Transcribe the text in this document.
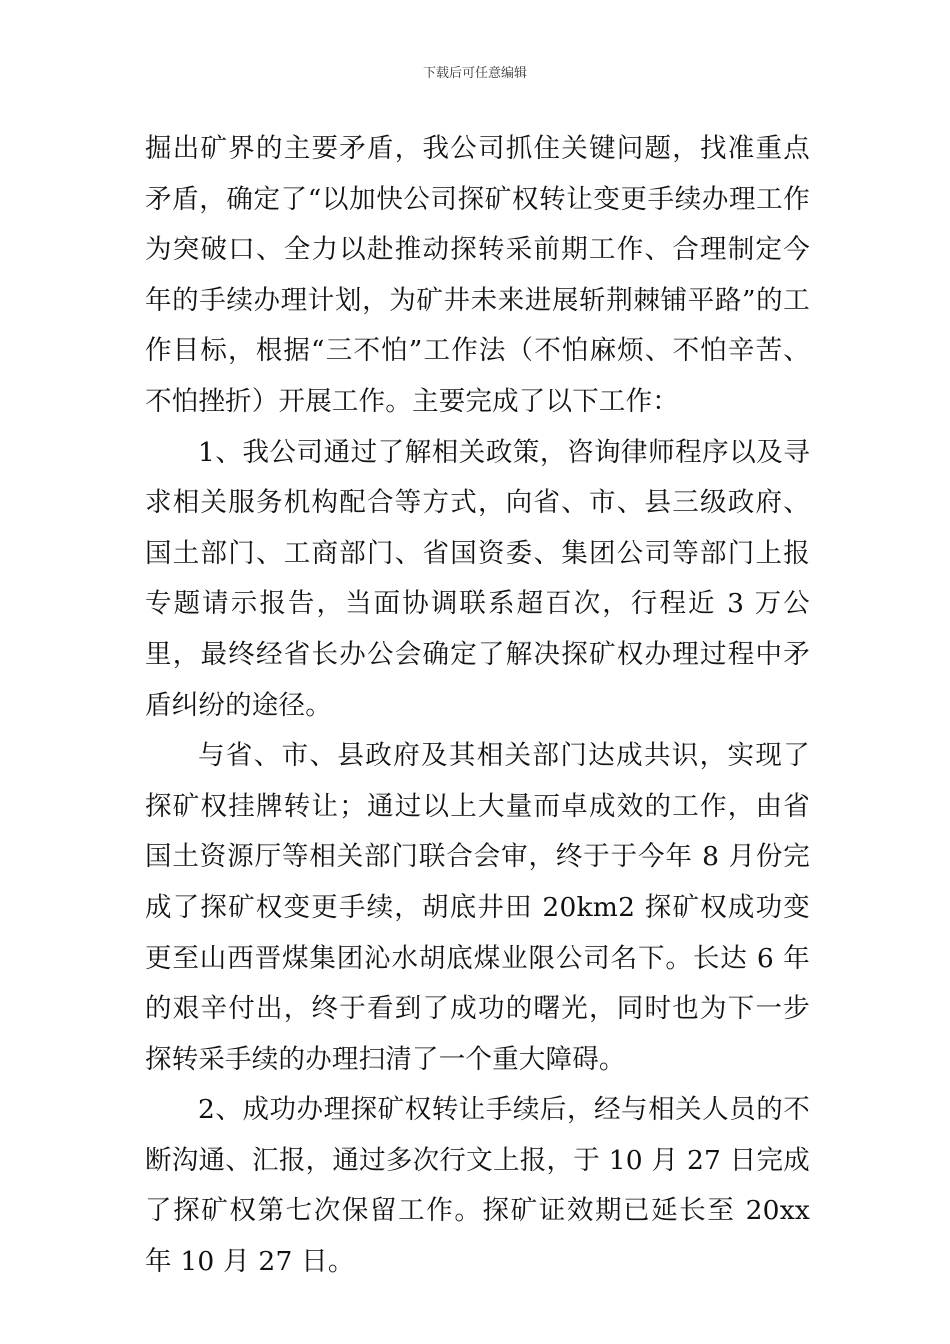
下载后可任意编辑

掘出矿界的主要矛盾，我公司抓住关键问题，找准重点矛盾，确定了“以加快公司探矿权转让变更手续办理工作为突破口、全力以赴推动探转采前期工作、合理制定今年的手续办理计划，为矿井未来进展斩荆棘铺平路”的工作目标，根据“三不怕”工作法（不怕麻烦、不怕辛苦、不怕挫折）开展工作。主要完成了以下工作：

1、我公司通过了解相关政策，咨询律师程序以及寻求相关服务机构配合等方式，向省、市、县三级政府、国土部门、工商部门、省国资委、集团公司等部门上报专题请示报告，当面协调联系超百次，行程近 3 万公里，最终经省长办公会确定了解决探矿权办理过程中矛盾纠纷的途径。

与省、市、县政府及其相关部门达成共识，实现了探矿权挂牌转让；通过以上大量而卓成效的工作，由省国土资源厅等相关部门联合会审，终于于今年 8 月份完成了探矿权变更手续，胡底井田 20km2 探矿权成功变更至山西晋煤集团沁水胡底煤业限公司名下。长达 6 年的艰辛付出，终于看到了成功的曙光，同时也为下一步探转采手续的办理扫清了一个重大障碍。

2、成功办理探矿权转让手续后，经与相关人员的不断沟通、汇报，通过多次行文上报，于 10 月 27 日完成了探矿权第七次保留工作。探矿证效期已延长至 20xx 年 10 月 27 日。
